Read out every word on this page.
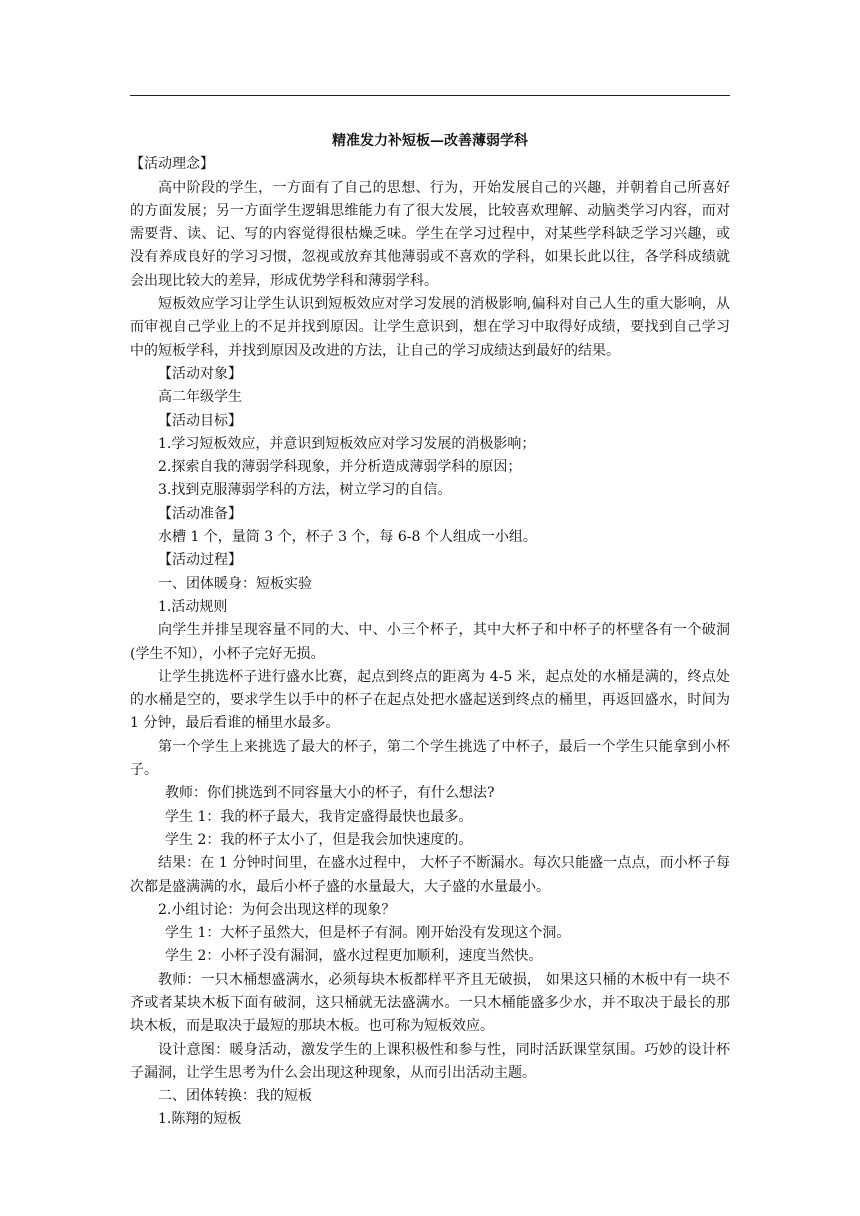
精准发力补短板—改善薄弱学科
【活动理念】
高中阶段的学生，一方面有了自己的思想、行为，开始发展自己的兴趣，并朝着自己所喜好的方面发展；另一方面学生逻辑思维能力有了很大发展，比较喜欢理解、动脑类学习内容，而对需要背、读、记、写的内容觉得很枯燥乏味。学生在学习过程中，对某些学科缺乏学习兴趣，或没有养成良好的学习习惯，忽视或放弃其他薄弱或不喜欢的学科，如果长此以往，各学科成绩就会出现比较大的差异，形成优势学科和薄弱学科。
短板效应学习让学生认识到短板效应对学习发展的消极影响,偏科对自己人生的重大影响，从而审视自己学业上的不足并找到原因。让学生意识到，想在学习中取得好成绩，要找到自己学习中的短板学科，并找到原因及改进的方法，让自己的学习成绩达到最好的结果。
【活动对象】
高二年级学生
【活动目标】
1.学习短板效应，并意识到短板效应对学习发展的消极影响；
2.探索自我的薄弱学科现象，并分析造成薄弱学科的原因；
3.找到克服薄弱学科的方法，树立学习的自信。
【活动准备】
水槽 1 个，量筒 3 个，杯子 3 个，每 6-8 个人组成一小组。
【活动过程】
一、团体暖身：短板实验
1.活动规则
向学生并排呈现容量不同的大、中、小三个杯子，其中大杯子和中杯子的杯壁各有一个破洞(学生不知），小杯子完好无损。
让学生挑选杯子进行盛水比赛，起点到终点的距离为 4-5 米，起点处的水桶是满的，终点处的水桶是空的，要求学生以手中的杯子在起点处把水盛起送到终点的桶里，再返回盛水，时间为 1 分钟，最后看谁的桶里水最多。
第一个学生上来挑选了最大的杯子，第二个学生挑选了中杯子，最后一个学生只能拿到小杯子。
教师：你们挑选到不同容量大小的杯子，有什么想法?
学生 1：我的杯子最大，我肯定盛得最快也最多。
学生 2：我的杯子太小了，但是我会加快速度的。
结果：在 1 分钟时间里，在盛水过程中， 大杯子不断漏水。每次只能盛一点点，而小杯子每次都是盛满满的水，最后小杯子盛的水量最大，大子盛的水量最小。
2.小组讨论：为何会出现这样的现象？
学生 1：大杯子虽然大，但是杯子有洞。刚开始没有发现这个洞。
学生 2：小杯子没有漏洞，盛水过程更加顺利，速度当然快。
教师：一只木桶想盛满水，必须每块木板都样平齐且无破损， 如果这只桶的木板中有一块不齐或者某块木板下面有破洞，这只桶就无法盛满水。一只木桶能盛多少水，并不取决于最长的那块木板，而是取决于最短的那块木板。也可称为短板效应。
设计意图：暖身活动，激发学生的上课积极性和参与性，同时活跃课堂氛围。巧妙的设计杯子漏洞，让学生思考为什么会出现这种现象，从而引出活动主题。
二、团体转换：我的短板
1.陈翔的短板
